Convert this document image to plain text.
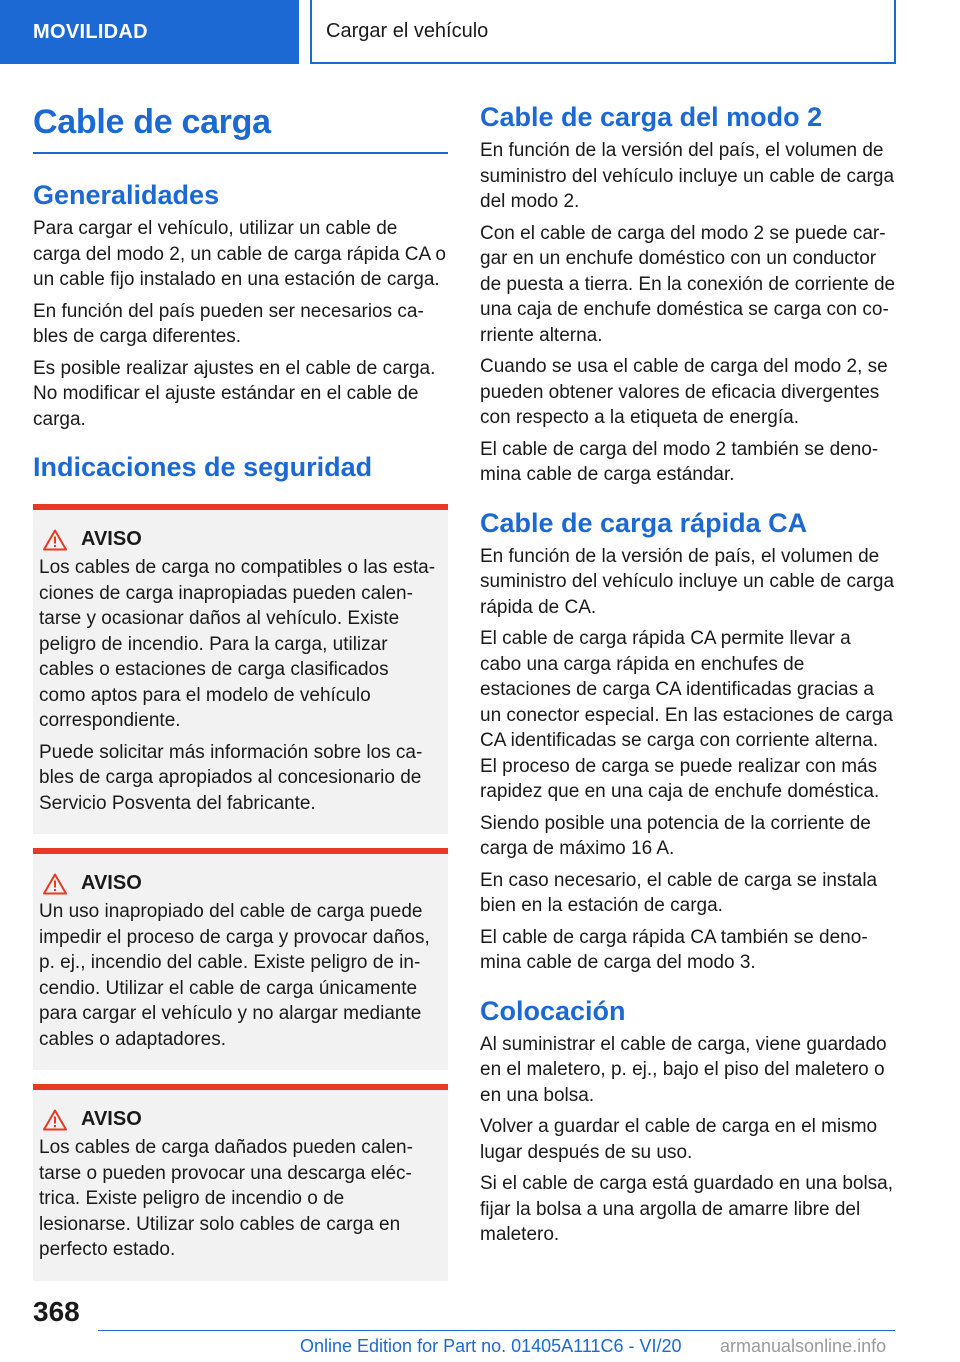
MOVILIDAD	Cargar el vehículo
Cable de carga
Generalidades

Para cargar el vehículo, utilizar un cable de carga del modo 2, un cable de carga rápida CA o un cable fijo instalado en una estación de carga.

En función del país pueden ser necesarios cables de carga diferentes.

Es posible realizar ajustes en el cable de carga. No modificar el ajuste estándar en el cable de carga.

Indicaciones de seguridad
AVISO

Los cables de carga no compatibles o las estaciones de carga inapropiadas pueden calentarse y ocasionar daños al vehículo. Existe peligro de incendio. Para la carga, utilizar cables o estaciones de carga clasificados como aptos para el modelo de vehículo correspondiente.

Puede solicitar más información sobre los cables de carga apropiados al concesionario de Servicio Posventa del fabricante.

AVISO

Un uso inapropiado del cable de carga puede impedir el proceso de carga y provocar daños, p. ej., incendio del cable. Existe peligro de incendio. Utilizar el cable de carga únicamente para cargar el vehículo y no alargar mediante cables o adaptadores.

AVISO

Los cables de carga dañados pueden calentarse o pueden provocar una descarga eléctrica. Existe peligro de incendio o de lesionarse. Utilizar solo cables de carga en perfecto estado.

Cable de carga del modo 2

En función de la versión del país, el volumen de suministro del vehículo incluye un cable de carga del modo 2.

Con el cable de carga del modo 2 se puede cargar en un enchufe doméstico con un conductor de puesta a tierra. En la conexión de corriente de una caja de enchufe doméstica se carga con corriente alterna.

Cuando se usa el cable de carga del modo 2, se pueden obtener valores de eficacia divergentes con respecto a la etiqueta de energía.

El cable de carga del modo 2 también se denomina cable de carga estándar.

Cable de carga rápida CA

En función de la versión de país, el volumen de suministro del vehículo incluye un cable de carga rápida de CA.

El cable de carga rápida CA permite llevar a cabo una carga rápida en enchufes de estaciones de carga CA identificadas gracias a un conector especial. En las estaciones de carga CA identificadas se carga con corriente alterna. El proceso de carga se puede realizar con más rapidez que en una caja de enchufe doméstica.

Siendo posible una potencia de la corriente de carga de máximo 16 A.

En caso necesario, el cable de carga se instala bien en la estación de carga.

El cable de carga rápida CA también se denomina cable de carga del modo 3.

Colocación

Al suministrar el cable de carga, viene guardado en el maletero, p. ej., bajo el piso del maletero o en una bolsa.

Volver a guardar el cable de carga en el mismo lugar después de su uso.

Si el cable de carga está guardado en una bolsa, fijar la bolsa a una argolla de amarre libre del maletero.

368
Online Edition for Part no. 01405A111C6 - VI/20 armanualsonline.info
